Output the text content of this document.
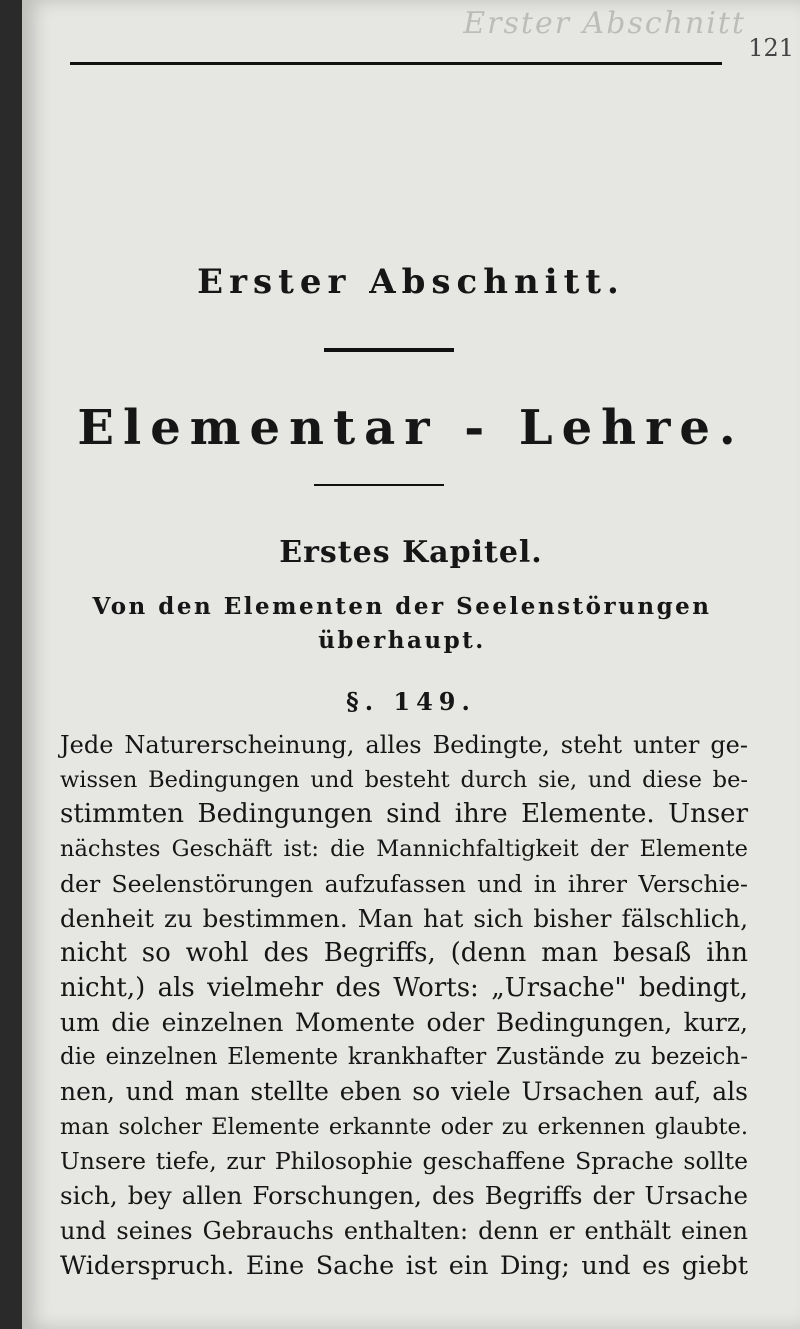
Erster Abschnitt
121
Erster Abschnitt.
Elementar - Lehre.
Erstes Kapitel.
Von den Elementen der Seelenstörungen überhaupt.
§. 149.
Jede Naturerscheinung, alles Bedingte, steht unter ge-
wissen Bedingungen und besteht durch sie, und diese be-
stimmten Bedingungen sind ihre Elemente. Unser
nächstes Geschäft ist: die Mannichfaltigkeit der Elemente
der Seelenstörungen aufzufassen und in ihrer Verschie-
denheit zu bestimmen. Man hat sich bisher fälschlich,
nicht so wohl des Begriffs, (denn man besaß ihn
nicht,) als vielmehr des Worts: „Ursache" bedingt,
um die einzelnen Momente oder Bedingungen, kurz,
die einzelnen Elemente krankhafter Zustände zu bezeich-
nen, und man stellte eben so viele Ursachen auf, als
man solcher Elemente erkannte oder zu erkennen glaubte.
Unsere tiefe, zur Philosophie geschaffene Sprache sollte
sich, bey allen Forschungen, des Begriffs der Ursache
und seines Gebrauchs enthalten: denn er enthält einen
Widerspruch. Eine Sache ist ein Ding; und es giebt
